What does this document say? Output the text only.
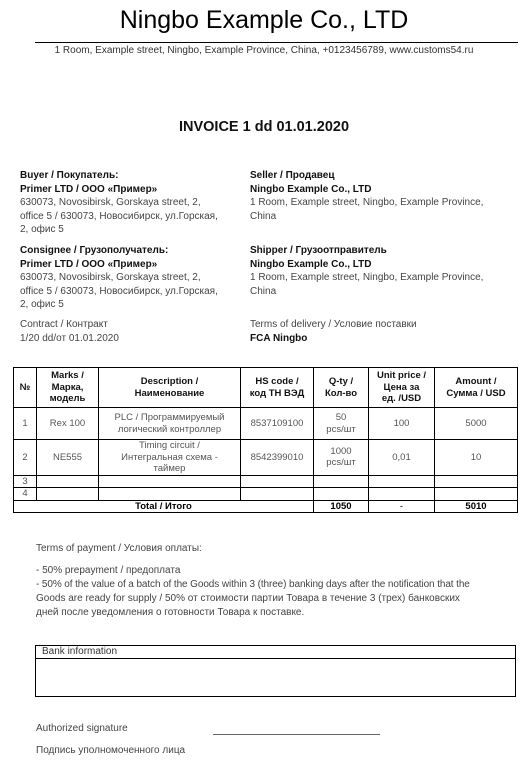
Ningbo Example Co., LTD
1 Room, Example street, Ningbo, Example Province, China, +0123456789, www.customs54.ru
INVOICE 1 dd 01.01.2020
Buyer / Покупатель:
Primer LTD / ООО «Пример»
630073, Novosibirsk, Gorskaya street, 2,
office 5 / 630073, Новосибирск, ул.Горская,
2, офис 5
Seller / Продавец
Ningbo Example Co., LTD
1 Room, Example street, Ningbo, Example Province,
China
Consignee / Грузополучатель:
Primer LTD / ООО «Пример»
630073, Novosibirsk, Gorskaya street, 2,
office 5 / 630073, Новосибирск, ул.Горская,
2, офис 5
Shipper / Грузоотправитель
Ningbo Example Co., LTD
1 Room, Example street, Ningbo, Example Province,
China
Contract / Контракт
1/20 dd/от 01.01.2020
Terms of delivery / Условие поставки
FCA Ningbo
№	Marks /
Марка,
модель	Description /
Наименование	HS code /
код ТН ВЭД	Q-ty /
Кол-во	Unit price /
Цена за
ед. /USD	Amount /
Сумма / USD
1	Rex 100	PLC / Программируемый
логический контроллер	8537109100	50
pcs/шт	100	5000
2	NE555	Timing circuit /
Интегральная схема -
таймер	8542399010	1000
pcs/шт	0,01	10
3						
4						
Total / Итого				1050	-	5010
Terms of payment / Условия оплаты:
- 50% prepayment / предоплата
- 50% of the value of a batch of the Goods within 3 (three) banking days after the notification that the
Goods are ready for supply / 50% от стоимости партии Товара в течение 3 (трех) банковских
дней после уведомления о готовности Товара к поставке.
Bank information
Authorized signature
Подпись уполномоченного лица
